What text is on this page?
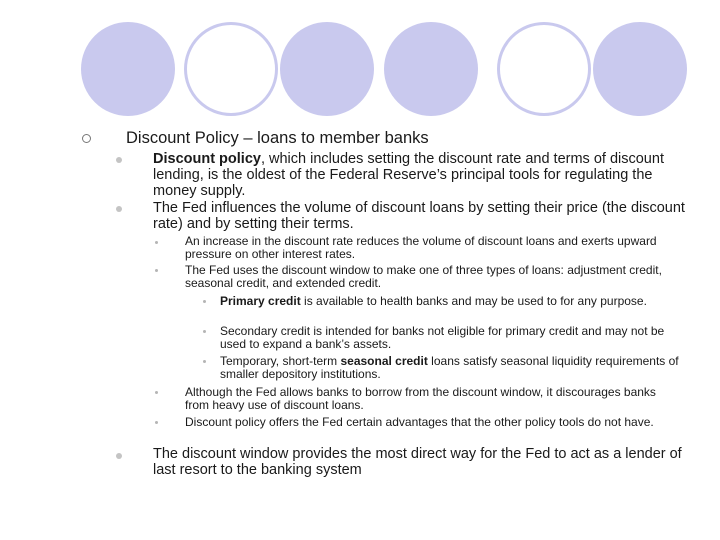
Discount Policy – loans to member banks
Discount policy, which includes setting the discount rate and terms of discount lending, is the oldest of the Federal Reserve’s principal tools for regulating the money supply.
The Fed influences the volume of discount loans by setting their price (the discount rate) and by setting their terms.
An increase in the discount rate reduces the volume of discount loans and exerts upward pressure on other interest rates.
The Fed uses the discount window to make one of three types of loans: adjustment credit, seasonal credit, and extended credit.
Primary credit is available to health banks and may be used to for any purpose.
Secondary credit is intended for banks not eligible for primary credit and may not be used to expand a bank’s assets.
Temporary, short-term seasonal credit loans satisfy seasonal liquidity requirements of smaller depository institutions.
Although the Fed allows banks to borrow from the discount window, it discourages banks from heavy use of discount loans.
Discount policy offers the Fed certain advantages that the other policy tools do not have.
The discount window provides the most direct way for the Fed to act as a lender of last resort to the banking system
